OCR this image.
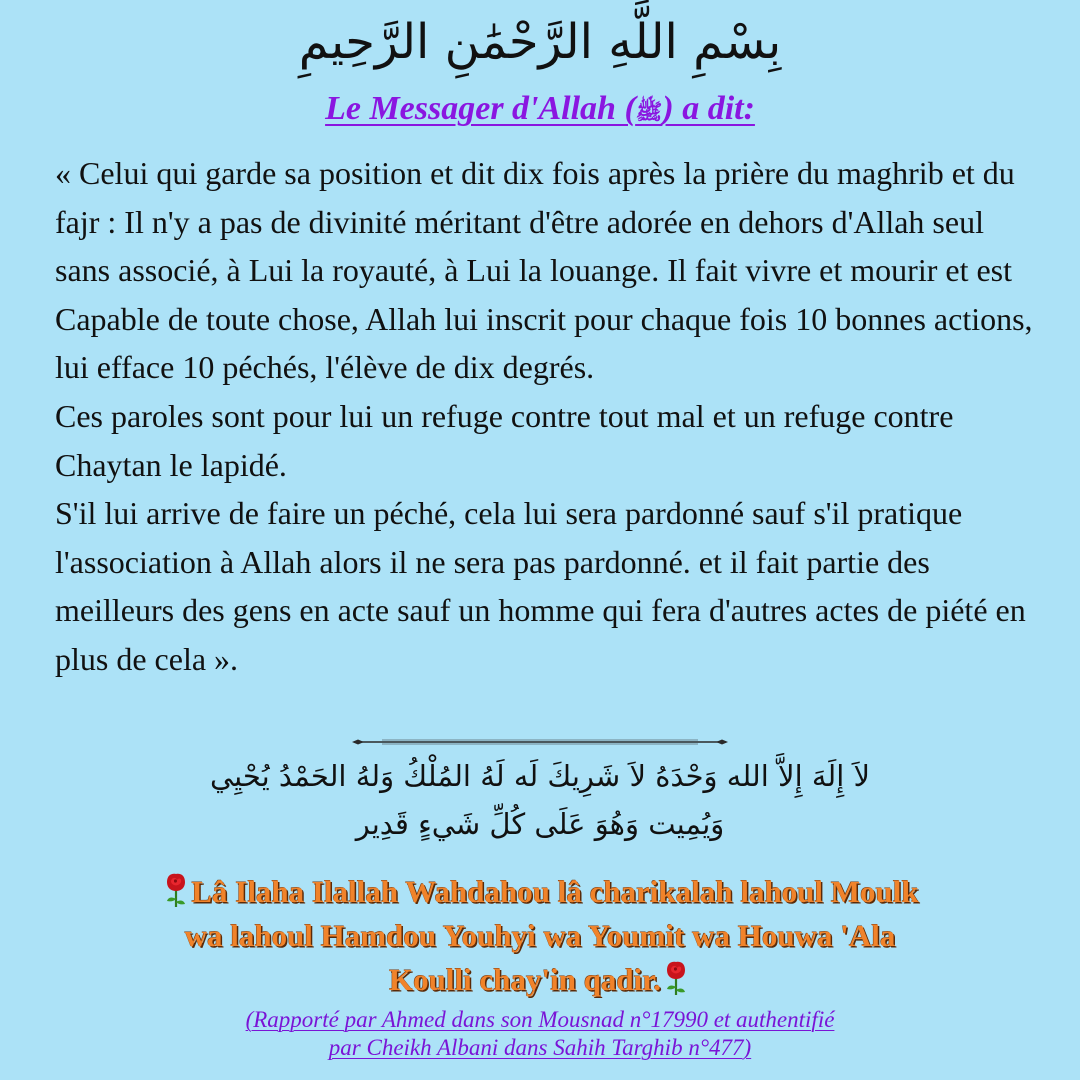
بِسْمِ اللَّهِ الرَّحْمَٰنِ الرَّحِيمِ
Le Messager d'Allah (ﷺ) a dit:

« Celui qui garde sa position et dit dix fois après la prière du maghrib et du fajr : Il n'y a pas de divinité méritant d'être adorée en dehors d'Allah seul sans associé, à Lui la royauté, à Lui la louange. Il fait vivre et mourir et est Capable de toute chose, Allah lui inscrit pour chaque fois 10 bonnes actions, lui efface 10 péchés, l'élève de dix degrés.

Ces paroles sont pour lui un refuge contre tout mal et un refuge contre Chaytan le lapidé.

S'il lui arrive de faire un péché, cela lui sera pardonné sauf s'il pratique l'association à Allah alors il ne sera pas pardonné. et il fait partie des meilleurs des gens en acte sauf un homme qui fera d'autres actes de piété en plus de cela ».

لاَ إِلَهَ إِلاَّ الله وَحْدَهُ لاَ شَرِيكَ لَه لَهُ المُلْكُ وَلهُ الحَمْدُ يُحْيِي
وَيُمِيت وَهُوَ عَلَى كُلِّ شَيءٍ قَدِير
Lâ Ilaha Ilallah Wahdahou lâ charikalah lahoul Moulk
wa lahoul Hamdou Youhyi wa Youmit wa Houwa 'Ala
Koulli chay'in qadir.
(Rapporté par Ahmed dans son Mousnad n°17990 et authentifié
par Cheikh Albani dans Sahih Targhib n°477)
